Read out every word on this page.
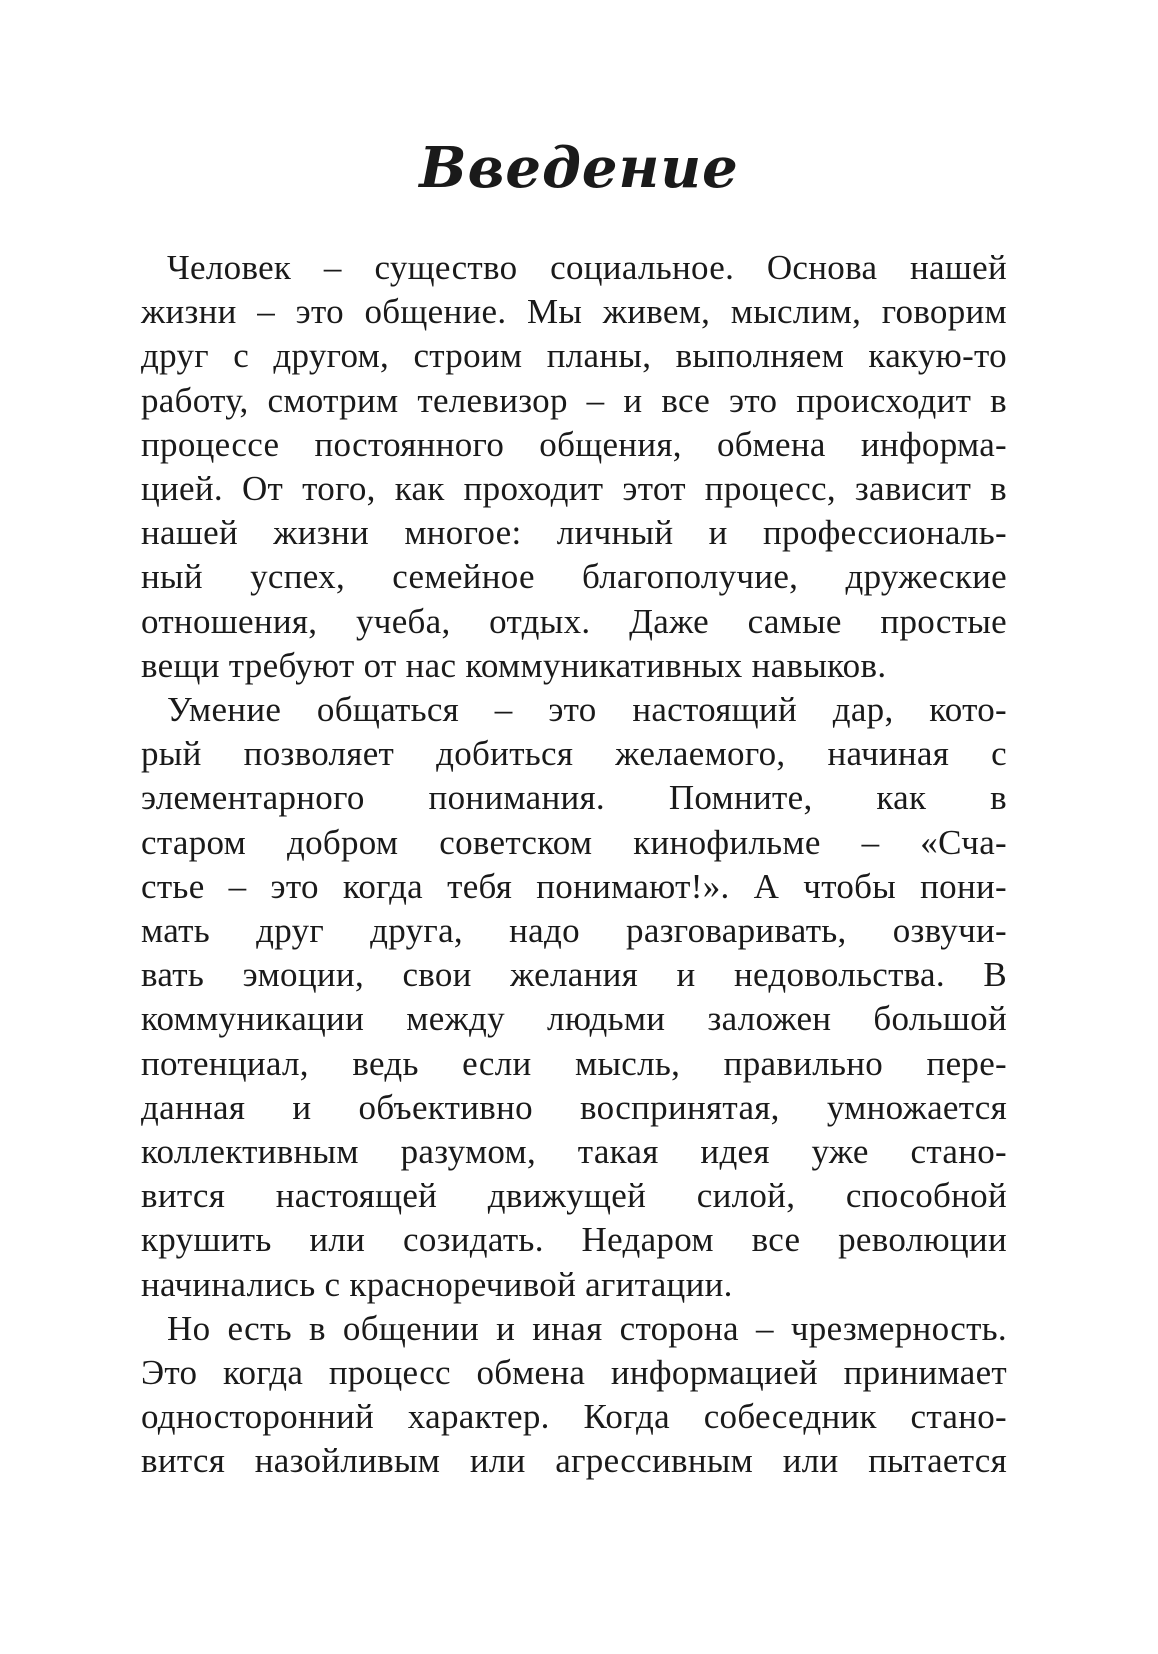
Введение

Человек – существо социальное. Основа нашей
жизни – это общение. Мы живем, мыслим, говорим
друг с другом, строим планы, выполняем какую-то
работу, смотрим телевизор – и все это происходит в
процессе постоянного общения, обмена информа-
цией. От того, как проходит этот процесс, зависит в
нашей жизни многое: личный и профессиональ-
ный успех, семейное благополучие, дружеские
отношения, учеба, отдых. Даже самые простые
вещи требуют от нас коммуникативных навыков.

Умение общаться – это настоящий дар, кото-
рый позволяет добиться желаемого, начиная с
элементарного понимания. Помните, как в
старом добром советском кинофильме – «Сча-
стье – это когда тебя понимают!». А чтобы пони-
мать друг друга, надо разговаривать, озвучи-
вать эмоции, свои желания и недовольства. В
коммуникации между людьми заложен большой
потенциал, ведь если мысль, правильно пере-
данная и объективно воспринятая, умножается
коллективным разумом, такая идея уже стано-
вится настоящей движущей силой, способной
крушить или созидать. Недаром все революции
начинались с красноречивой агитации.

Но есть в общении и иная сторона – чрезмерность.
Это когда процесс обмена информацией принимает
односторонний характер. Когда собеседник стано-
вится назойливым или агрессивным или пытается
